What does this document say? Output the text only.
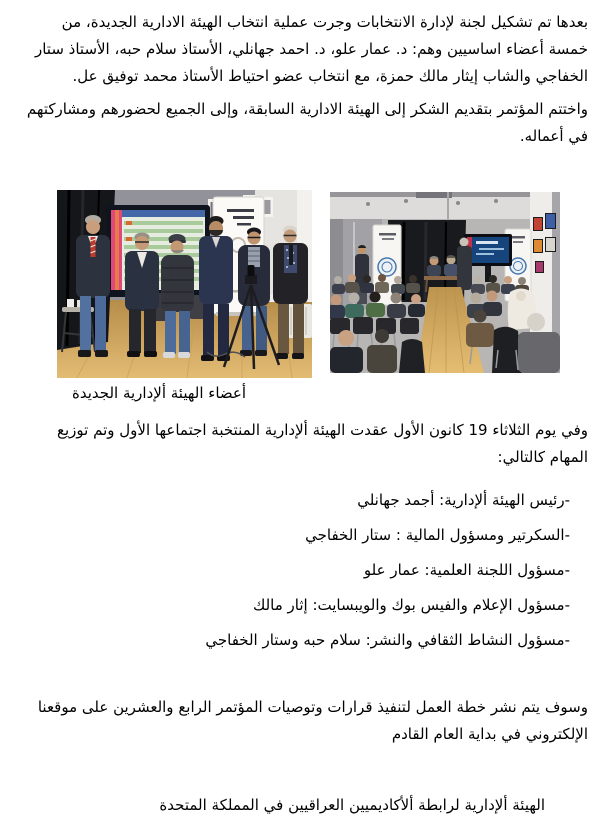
بعدها تم تشكيل لجنة لإدارة الانتخابات وجرت عملية انتخاب الهيئة الادارية الجديدة، من خمسة أعضاء اساسيين وهم: د. عمار علو، د. احمد جهانلي، الأستاذ سلام حبه، الأستاذ ستار الخفاجي والشاب إيثار مالك حمزة، مع انتخاب عضو احتياط الأستاذ محمد توفيق عل.

واختتم المؤتمر بتقديم الشكر إلى الهيئة الادارية السابقة، وإلى الجميع لحضورهم ومشاركتهم في أعماله.

أعضاء الهيئة ألإدارية الجديدة

وفي يوم الثلاثاء 19 كانون الأول عقدت الهيئة ألإدارية المنتخبة اجتماعها الأول وتم توزيع المهام كالتالي:

-رئيس الهيئة ألإدارية: أجمد جهانلي
-السكرتير ومسؤول المالية : ستار الخفاجي
-مسؤول اللجنة العلمية: عمار علو
-مسؤول الإعلام والفيس بوك والويبسايت: إثار مالك
-مسؤول النشاط الثقافي والنشر: سلام حبه وستار الخفاجي

وسوف يتم نشر خطة العمل لتنفيذ قرارات وتوصيات المؤتمر الرابع والعشرين على موقعنا الإلكتروني في بداية العام القادم

الهيئة ألإدارية لرابطة ألأكاديميين العراقيين في المملكة المتحدة
